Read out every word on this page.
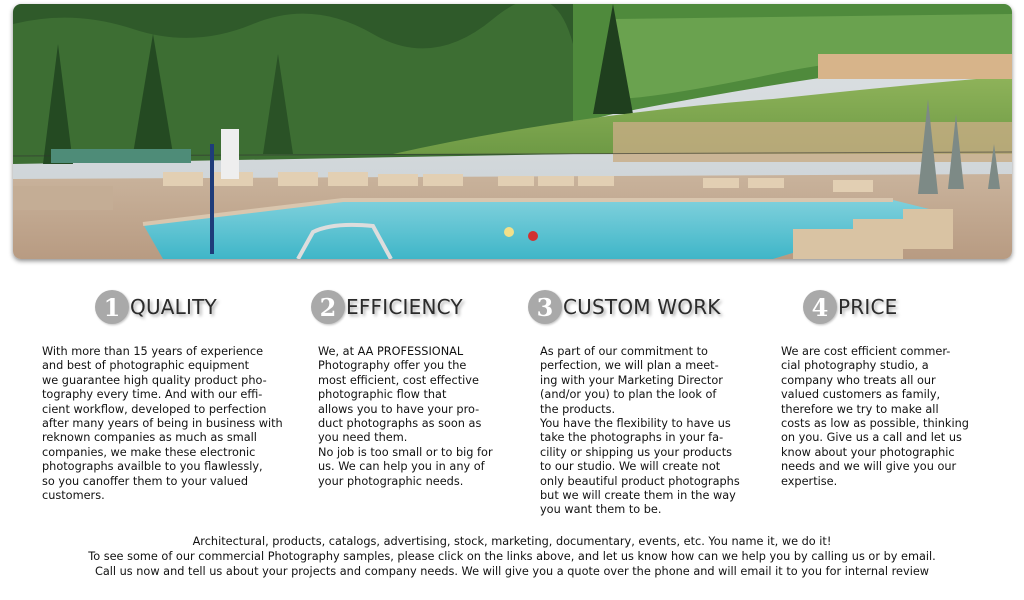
1 QUALITY
With more than 15 years of experience
and best of photographic equipment
we guarantee high quality product pho-
tography every time. And with our effi-
cient workflow, developed to perfection
after many years of being in business with
reknown companies as much as small
companies, we make these electronic
photographs availble to you flawlessly,
so you canoffer them to your valued
customers.
2 EFFICIENCY
We, at AA PROFESSIONAL
Photography offer you the
most efficient, cost effective
photographic flow that
allows you to have your pro-
duct photographs as soon as
you need them.
No job is too small or to big for
us. We can help you in any of
your photographic needs.
3 CUSTOM WORK
As part of our commitment to
perfection, we will plan a meet-
ing with your Marketing Director
(and/or you) to plan the look of
the products.
You have the flexibility to have us
take the photographs in your fa-
cility or shipping us your products
to our studio. We will create not
only beautiful product photographs
but we will create them in the way
you want them to be.
4 PRICE
We are cost efficient commer-
cial photography studio, a
company who treats all our
valued customers as family,
therefore we try to make all
costs as low as possible, thinking
on you. Give us a call and let us
know about your photographic
needs and we will give you our
expertise.
Architectural, products, catalogs, advertising, stock, marketing, documentary, events, etc. You name it, we do it!
To see some of our commercial Photography samples, please click on the links above, and let us know how can we help you by calling us or by email.
Call us now and tell us about your projects and company needs. We will give you a quote over the phone and will email it to you for internal review
